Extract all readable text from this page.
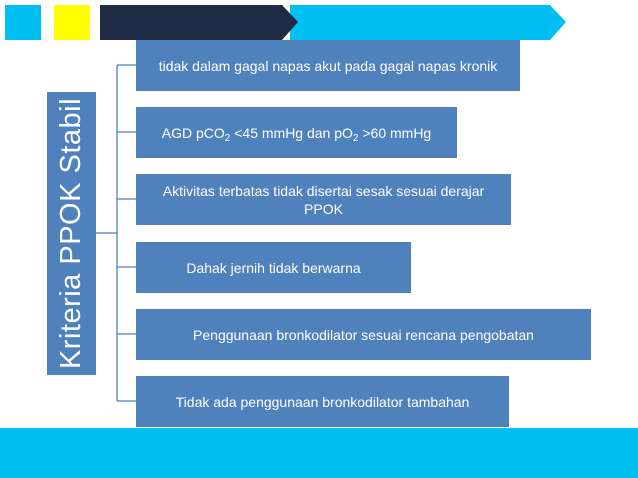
Kriteria PPOK Stabil
tidak dalam gagal napas akut pada gagal napas kronik
AGD pCO$_2$ <45 mmHg dan $pO_2 >60$ mmHg
Aktivitas terbatas tidak disertai sesak sesuai derajar PPOK
Dahak jernih tidak berwarna
Penggunaan bronkodilator sesuai rencana pengobatan
Tidak ada penggunaan bronkodilator tambahan
